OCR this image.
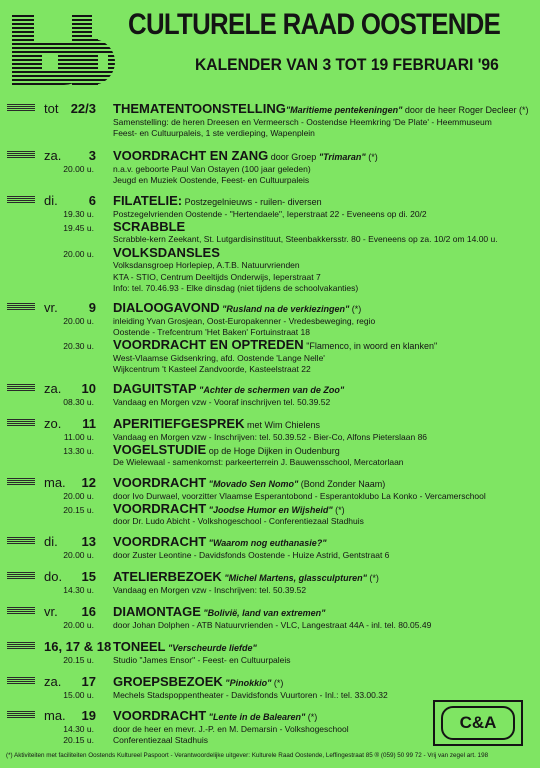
CULTURELE RAAD OOSTENDE
KALENDER VAN 3 TOT 19 FEBRUARI '96
tot 22/3 THEMATENTOONSTELLING"Maritieme pentekeningen" door de heer Roger Decleer (*)
Samenstelling: de heren Dreesen en Vermeersch - Oostendse Heemkring 'De Plate' - Heemmuseum
Feest- en Cultuurpaleis, 1 ste verdieping, Wapenplein
za.	3 VOORDRACHT EN ZANG door Groep "Trimaran" (*)
20.00 u. n.a.v. geboorte Paul Van Ostayen (100 jaar geleden)
Jeugd en Muziek Oostende, Feest- en Cultuurpaleis
di.	6 FILATELIE: Postzegelnieuws - ruilen- diversen
19.30 u. Postzegelvrienden Oostende - "Hertendaele", Ieperstraat 22 - Eveneens op di. 20/2
19.45 u. SCRABBLE
Scrabble-kern Zeekant, St. Lutgardisinstituut, Steenbakkersstr. 80 - Eveneens op za. 10/2 om 14.00 u.
20.00 u. VOLKSDANSLES
Volksdansgroep Horlepiep, A.T.B. Natuurvrienden
KTA - STIO, Centrum Deeltijds Onderwijs, Ieperstraat 7
Info: tel. 70.46.93 - Elke dinsdag (niet tijdens de schoolvakanties)
vr.	9 DIALOOGAVOND "Rusland na de verkiezingen" (*)
20.00 u. inleiding Yvan Grosjean, Oost-Europakenner - Vredesbeweging, regio
Oostende - Trefcentrum 'Het Baken' Fortuinstraat 18
20.30 u. VOORDRACHT EN OPTREDEN "Flamenco, in woord en klanken"
West-Vlaamse Gidsenkring, afd. Oostende 'Lange Nelle'
Wijkcentrum 't Kasteel Zandvoorde, Kasteelstraat 22
za.	10 DAGUITSTAP "Achter de schermen van de Zoo"
08.30 u. Vandaag en Morgen vzw - Vooraf inschrijven tel. 50.39.52
zo.	11 APERITIEFGESPREK met Wim Chielens
11.00 u. Vandaag en Morgen vzw - Inschrijven: tel. 50.39.52 - Bier-Co, Alfons Pieterslaan 86
13.30 u. VOGELSTUDIE op de Hoge Dijken in Oudenburg
De Wielewaal - samenkomst: parkeerterrein J. Bauwensschool, Mercatorlaan
ma.	12 VOORDRACHT "Movado Sen Nomo" (Bond Zonder Naam)
20.00 u. door Ivo Durwael, voorzitter Vlaamse Esperantobond - Esperantoklubo La Konko - Vercamerschool
20.15 u. VOORDRACHT "Joodse Humor en Wijsheid" (*)
door Dr. Ludo Abicht - Volkshogeschool - Conferentiezaal Stadhuis
di.	13 VOORDRACHT "Waarom nog euthanasie?"
20.00 u. door Zuster Leontine - Davidsfonds Oostende - Huize Astrid, Gentstraat 6
do.	15 ATELIERBEZOEK "Michel Martens, glassculpturen" (*)
14.30 u. Vandaag en Morgen vzw - Inschrijven: tel. 50.39.52
vr.	16 DIAMONTAGE "Bolivië, land van extremen"
20.00 u. door Johan Dolphen - ATB Natuurvrienden - VLC, Langestraat 44A - inl. tel. 80.05.49
16, 17 & 18 TONEEL "Verscheurde liefde"
20.15 u. Studio "James Ensor" - Feest- en Cultuurpaleis
za.	17 GROEPSBEZOEK "Pinokkio" (*)
15.00 u. Mechels Stadspoppentheater - Davidsfonds Vuurtoren - Inl.: tel. 33.00.32
ma.	19 VOORDRACHT "Lente in de Balearen" (*)
14.30 u. door de heer en mevr. J.-P. en M. Demarsin - Volkshogeschool
20.15 u. Conferentiezaal Stadhuis
C&A
(*) Aktiviteiten met faciliteiten Oostends Kultureel Paspoort - Verantwoordelijke uitgever: Kulturele Raad Oostende, Leffingestraat 85 ® (059) 50 99 72 - Vrij van zegel art. 198
